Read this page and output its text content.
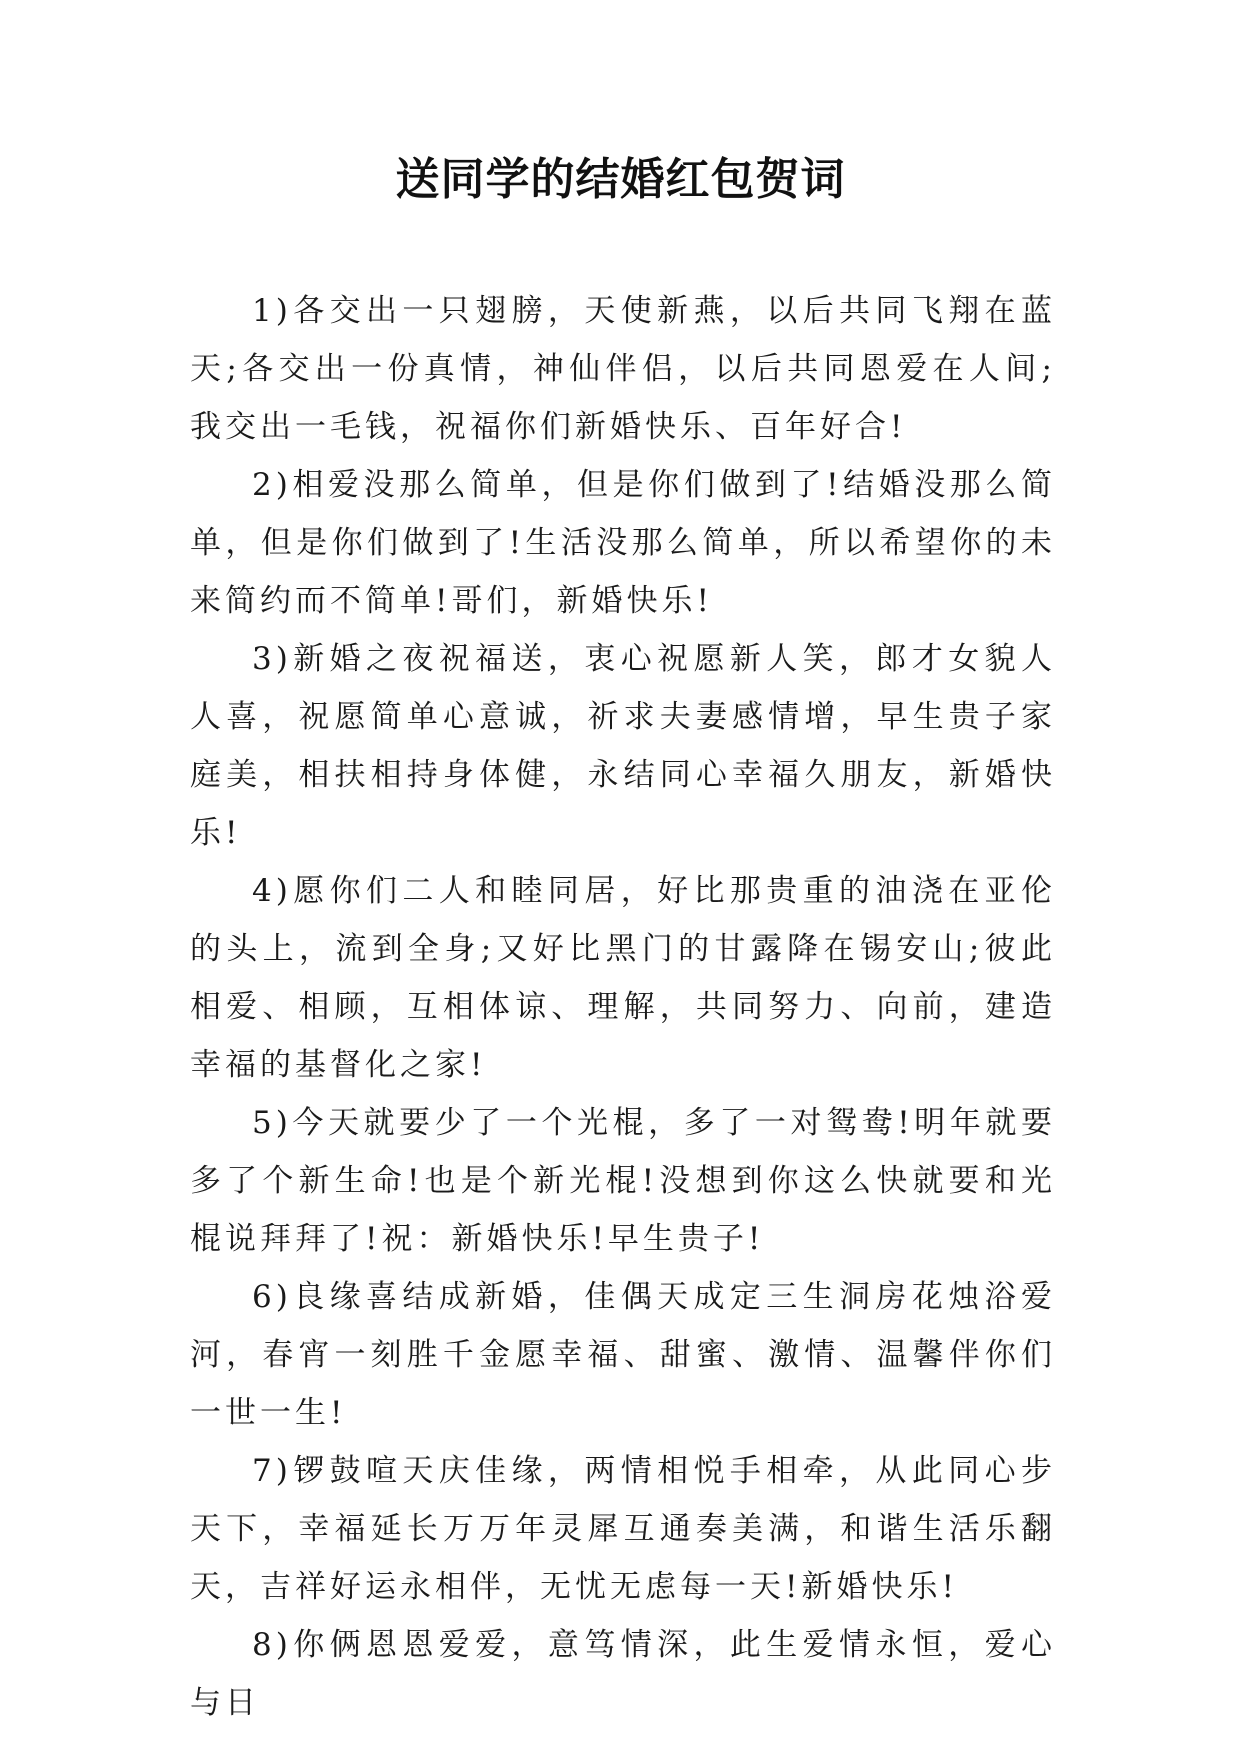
送同学的结婚红包贺词

1)各交出一只翅膀，天使新燕，以后共同飞翔在蓝天;各交出一份真情，神仙伴侣，以后共同恩爱在人间;我交出一毛钱，祝福你们新婚快乐、百年好合!

2)相爱没那么简单，但是你们做到了!结婚没那么简单，但是你们做到了!生活没那么简单，所以希望你的未来简约而不简单!哥们，新婚快乐!

3)新婚之夜祝福送，衷心祝愿新人笑，郎才女貌人人喜，祝愿简单心意诚，祈求夫妻感情增，早生贵子家庭美，相扶相持身体健，永结同心幸福久朋友，新婚快乐!

4)愿你们二人和睦同居，好比那贵重的油浇在亚伦的头上，流到全身;又好比黑门的甘露降在锡安山;彼此相爱、相顾，互相体谅、理解，共同努力、向前，建造幸福的基督化之家!

5)今天就要少了一个光棍，多了一对鸳鸯!明年就要多了个新生命!也是个新光棍!没想到你这么快就要和光棍说拜拜了!祝：新婚快乐!早生贵子!

6)良缘喜结成新婚，佳偶天成定三生洞房花烛浴爱河，春宵一刻胜千金愿幸福、甜蜜、激情、温馨伴你们一世一生!

7)锣鼓喧天庆佳缘，两情相悦手相牵，从此同心步天下，幸福延长万万年灵犀互通奏美满，和谐生活乐翻天，吉祥好运永相伴，无忧无虑每一天!新婚快乐!

8)你俩恩恩爱爱，意笃情深，此生爱情永恒，爱心与日
